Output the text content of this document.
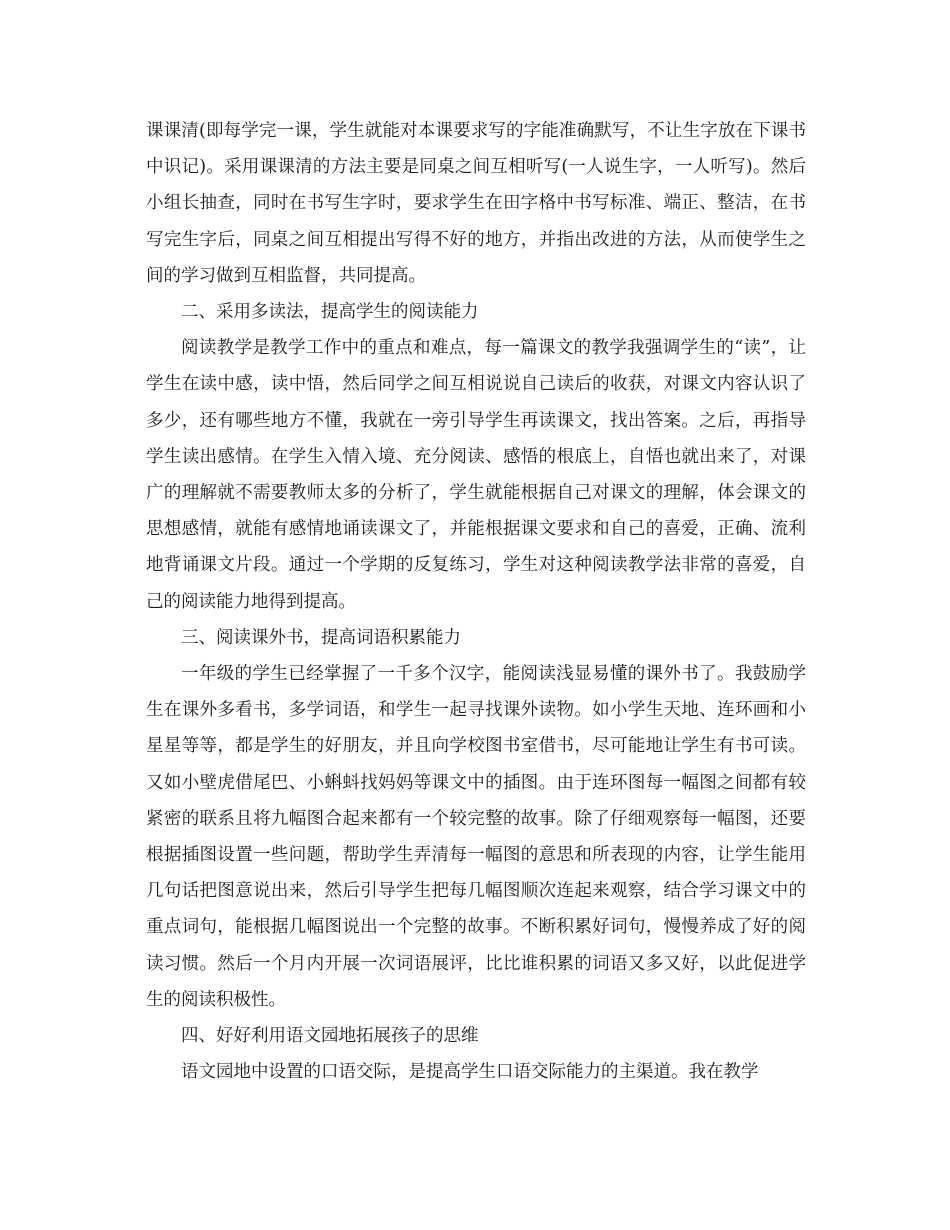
课课清(即每学完一课，学生就能对本课要求写的字能准确默写，不让生字放在下课书中识记)。采用课课清的方法主要是同桌之间互相听写(一人说生字，一人听写)。然后小组长抽查，同时在书写生字时，要求学生在田字格中书写标准、端正、整洁，在书写完生字后，同桌之间互相提出写得不好的地方，并指出改进的方法，从而使学生之间的学习做到互相监督，共同提高。

二、采用多读法，提高学生的阅读能力

阅读教学是教学工作中的重点和难点，每一篇课文的教学我强调学生的“读”，让学生在读中感，读中悟，然后同学之间互相说说自己读后的收获，对课文内容认识了多少，还有哪些地方不懂，我就在一旁引导学生再读课文，找出答案。之后，再指导学生读出感情。在学生入情入境、充分阅读、感悟的根底上，自悟也就出来了，对课广的理解就不需要教师太多的分析了，学生就能根据自己对课文的理解，体会课文的思想感情，就能有感情地诵读课文了，并能根据课文要求和自己的喜爱，正确、流利地背诵课文片段。通过一个学期的反复练习，学生对这种阅读教学法非常的喜爱，自己的阅读能力地得到提高。

三、阅读课外书，提高词语积累能力

一年级的学生已经掌握了一千多个汉字，能阅读浅显易懂的课外书了。我鼓励学生在课外多看书，多学词语，和学生一起寻找课外读物。如小学生天地、连环画和小星星等等，都是学生的好朋友，并且向学校图书室借书，尽可能地让学生有书可读。又如小壁虎借尾巴、小蝌蚪找妈妈等课文中的插图。由于连环图每一幅图之间都有较紧密的联系且将九幅图合起来都有一个较完整的故事。除了仔细观察每一幅图，还要根据插图设置一些问题，帮助学生弄清每一幅图的意思和所表现的内容，让学生能用几句话把图意说出来，然后引导学生把每几幅图顺次连起来观察，结合学习课文中的重点词句，能根据几幅图说出一个完整的故事。不断积累好词句，慢慢养成了好的阅读习惯。然后一个月内开展一次词语展评，比比谁积累的词语又多又好，以此促进学生的阅读积极性。

四、好好利用语文园地拓展孩子的思维

语文园地中设置的口语交际，是提高学生口语交际能力的主渠道。我在教学
